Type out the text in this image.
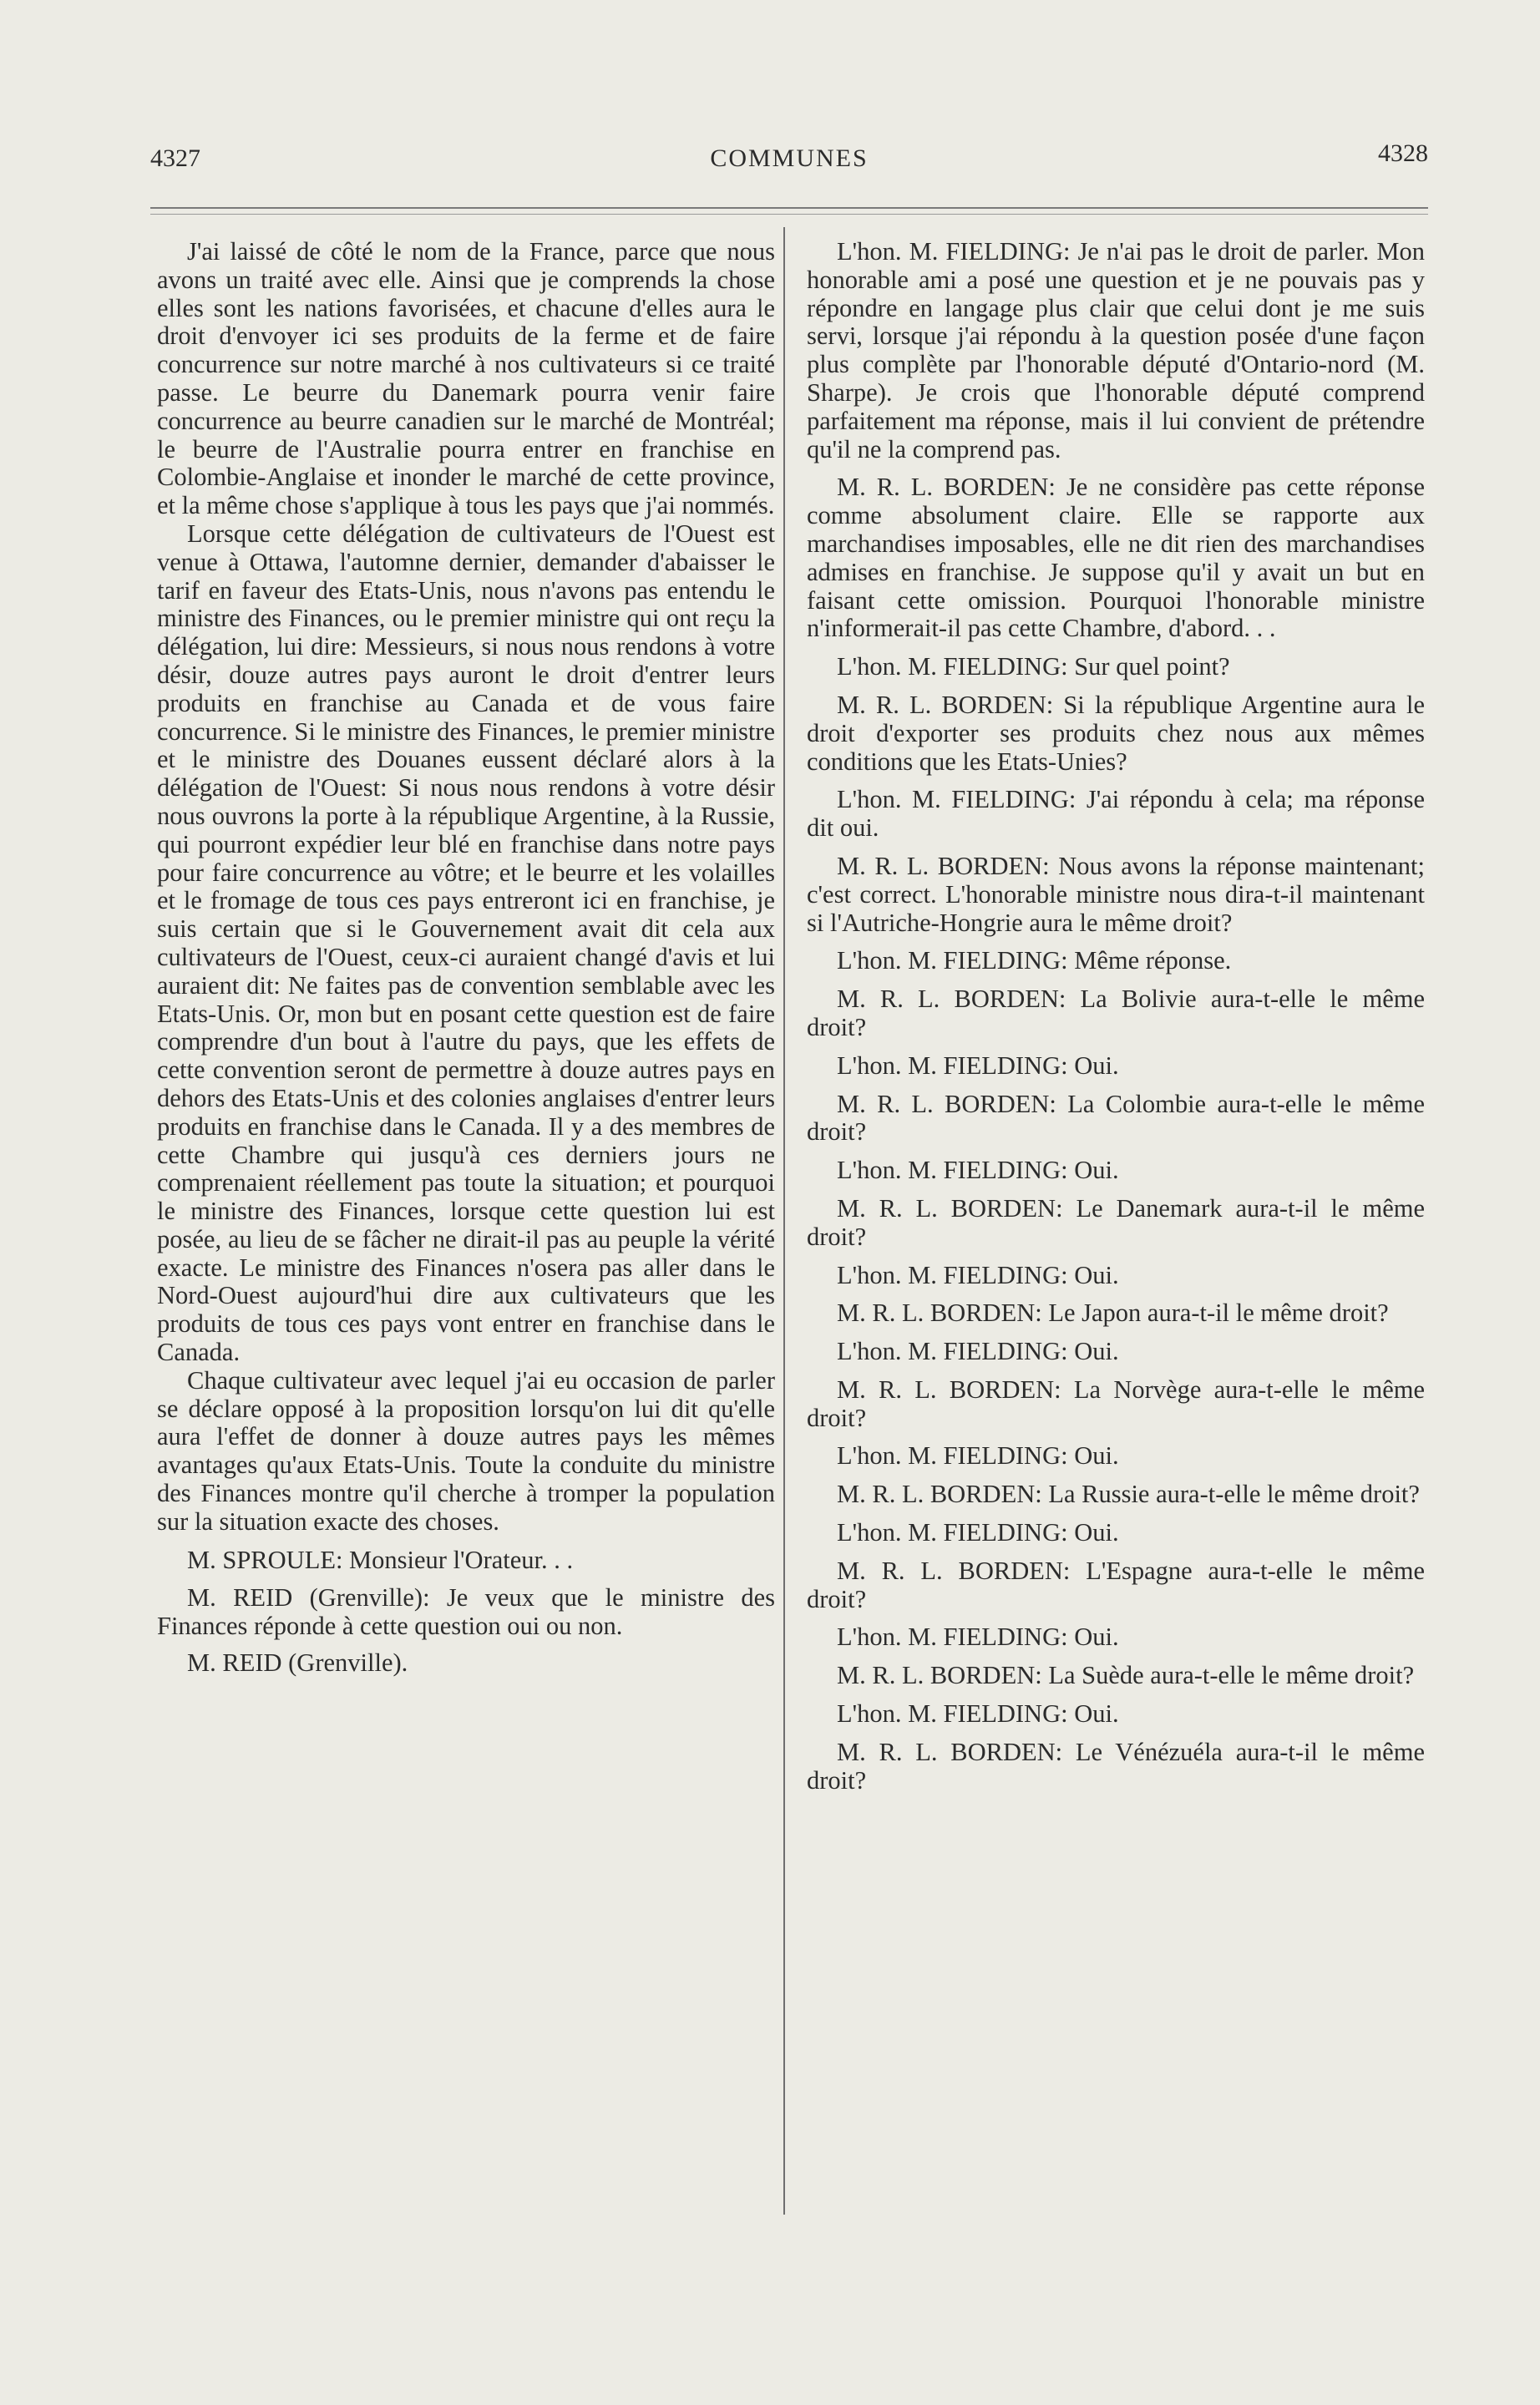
4327	COMMUNES	4328

J'ai laissé de côté le nom de la France, parce que nous avons un traité avec elle. Ainsi que je comprends la chose elles sont les nations favorisées, et chacune d'elles aura le droit d'envoyer ici ses produits de la ferme et de faire concurrence sur notre marché à nos cultivateurs si ce traité passe. Le beurre du Danemark pourra venir faire concurrence au beurre canadien sur le marché de Montréal; le beurre de l'Australie pourra entrer en franchise en Colombie-Anglaise et inonder le marché de cette province, et la même chose s'applique à tous les pays que j'ai nommés.

Lorsque cette délégation de cultivateurs de l'Ouest est venue à Ottawa, l'automne dernier, demander d'abaisser le tarif en faveur des Etats-Unis, nous n'avons pas entendu le ministre des Finances, ou le premier ministre qui ont reçu la délégation, lui dire: Messieurs, si nous nous rendons à votre désir, douze autres pays auront le droit d'entrer leurs produits en franchise au Canada et de vous faire concurrence. Si le ministre des Finances, le premier ministre et le ministre des Douanes eussent déclaré alors à la délégation de l'Ouest: Si nous nous rendons à votre désir nous ouvrons la porte à la république Argentine, à la Russie, qui pourront expédier leur blé en franchise dans notre pays pour faire concurrence au vôtre; et le beurre et les volailles et le fromage de tous ces pays entreront ici en franchise, je suis certain que si le Gouvernement avait dit cela aux cultivateurs de l'Ouest, ceux-ci auraient changé d'avis et lui auraient dit: Ne faites pas de convention semblable avec les Etats-Unis. Or, mon but en posant cette question est de faire comprendre d'un bout à l'autre du pays, que les effets de cette convention seront de permettre à douze autres pays en dehors des Etats-Unis et des colonies anglaises d'entrer leurs produits en franchise dans le Canada. Il y a des membres de cette Chambre qui jusqu'à ces derniers jours ne comprenaient réellement pas toute la situation; et pourquoi le ministre des Finances, lorsque cette question lui est posée, au lieu de se fâcher ne dirait-il pas au peuple la vérité exacte. Le ministre des Finances n'osera pas aller dans le Nord-Ouest aujourd'hui dire aux cultivateurs que les produits de tous ces pays vont entrer en franchise dans le Canada.

Chaque cultivateur avec lequel j'ai eu occasion de parler se déclare opposé à la proposition lorsqu'on lui dit qu'elle aura l'effet de donner à douze autres pays les mêmes avantages qu'aux Etats-Unis. Toute la conduite du ministre des Finances montre qu'il cherche à tromper la population sur la situation exacte des choses.

M. SPROULE: Monsieur l'Orateur. . .

M. REID (Grenville): Je veux que le ministre des Finances réponde à cette question oui ou non.

M. REID (Grenville).

L'hon. M. FIELDING: Je n'ai pas le droit de parler. Mon honorable ami a posé une question et je ne pouvais pas y répondre en langage plus clair que celui dont je me suis servi, lorsque j'ai répondu à la question posée d'une façon plus complète par l'honorable député d'Ontario-nord (M. Sharpe). Je crois que l'honorable député comprend parfaitement ma réponse, mais il lui convient de prétendre qu'il ne la comprend pas.

M. R. L. BORDEN: Je ne considère pas cette réponse comme absolument claire. Elle se rapporte aux marchandises imposables, elle ne dit rien des marchandises admises en franchise. Je suppose qu'il y avait un but en faisant cette omission. Pourquoi l'honorable ministre n'informerait-il pas cette Chambre, d'abord. . .

L'hon. M. FIELDING: Sur quel point?

M. R. L. BORDEN: Si la république Argentine aura le droit d'exporter ses produits chez nous aux mêmes conditions que les Etats-Unies?

L'hon. M. FIELDING: J'ai répondu à cela; ma réponse dit oui.

M. R. L. BORDEN: Nous avons la réponse maintenant; c'est correct. L'honorable ministre nous dira-t-il maintenant si l'Autriche-Hongrie aura le même droit?

L'hon. M. FIELDING: Même réponse.

M. R. L. BORDEN: La Bolivie aura-t-elle le même droit?

L'hon. M. FIELDING: Oui.

M. R. L. BORDEN: La Colombie aura-t-elle le même droit?

L'hon. M. FIELDING: Oui.

M. R. L. BORDEN: Le Danemark aura-t-il le même droit?

L'hon. M. FIELDING: Oui.

M. R. L. BORDEN: Le Japon aura-t-il le même droit?

L'hon. M. FIELDING: Oui.

M. R. L. BORDEN: La Norvège aura-t-elle le même droit?

L'hon. M. FIELDING: Oui.

M. R. L. BORDEN: La Russie aura-t-elle le même droit?

L'hon. M. FIELDING: Oui.

M. R. L. BORDEN: L'Espagne aura-t-elle le même droit?

L'hon. M. FIELDING: Oui.

M. R. L. BORDEN: La Suède aura-t-elle le même droit?

L'hon. M. FIELDING: Oui.

M. R. L. BORDEN: Le Vénézuéla aura-t-il le même droit?
